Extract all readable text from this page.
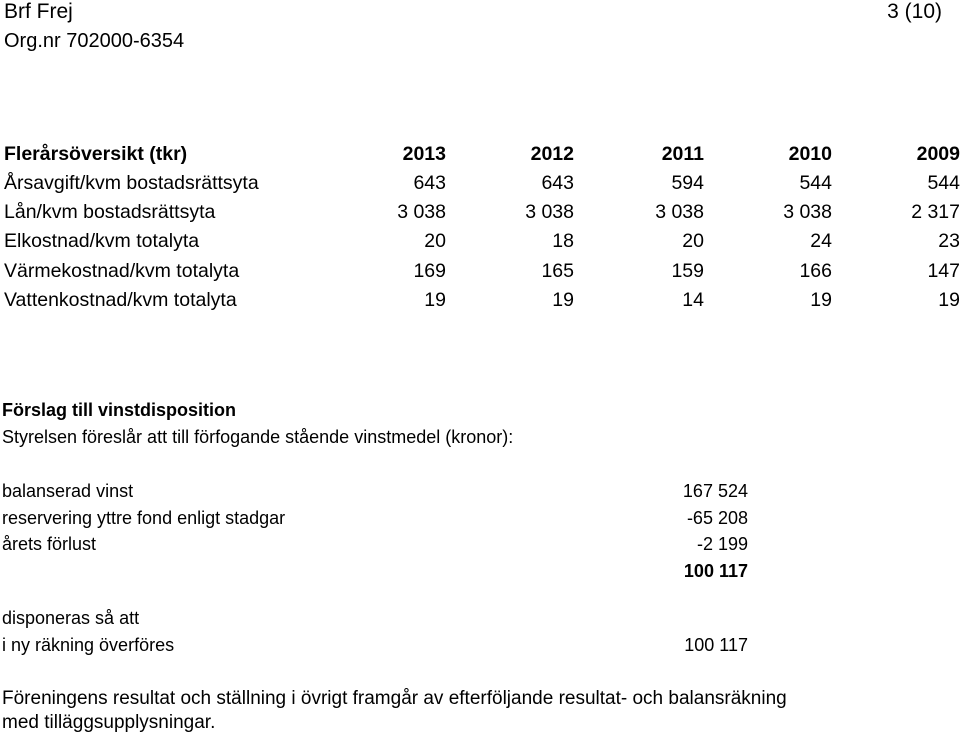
Brf Frej
Org.nr 702000-6354
3 (10)
Flerårsöversikt (tkr)	2013	2012	2011	2010	2009
Årsavgift/kvm bostadsrättsyta	643	643	594	544	544
Lån/kvm bostadsrättsyta	3 038	3 038	3 038	3 038	2 317
Elkostnad/kvm totalyta	20	18	20	24	23
Värmekostnad/kvm totalyta	169	165	159	166	147
Vattenkostnad/kvm totalyta	19	19	14	19	19
Förslag till vinstdisposition
Styrelsen föreslår att till förfogande stående vinstmedel (kronor):
balanserad vinst	167 524
reservering yttre fond enligt stadgar	-65 208
årets förlust	-2 199
100 117
disponeras så att
i ny räkning överföres	100 117
Föreningens resultat och ställning i övrigt framgår av efterföljande resultat- och balansräkning
med tilläggsupplysningar.
